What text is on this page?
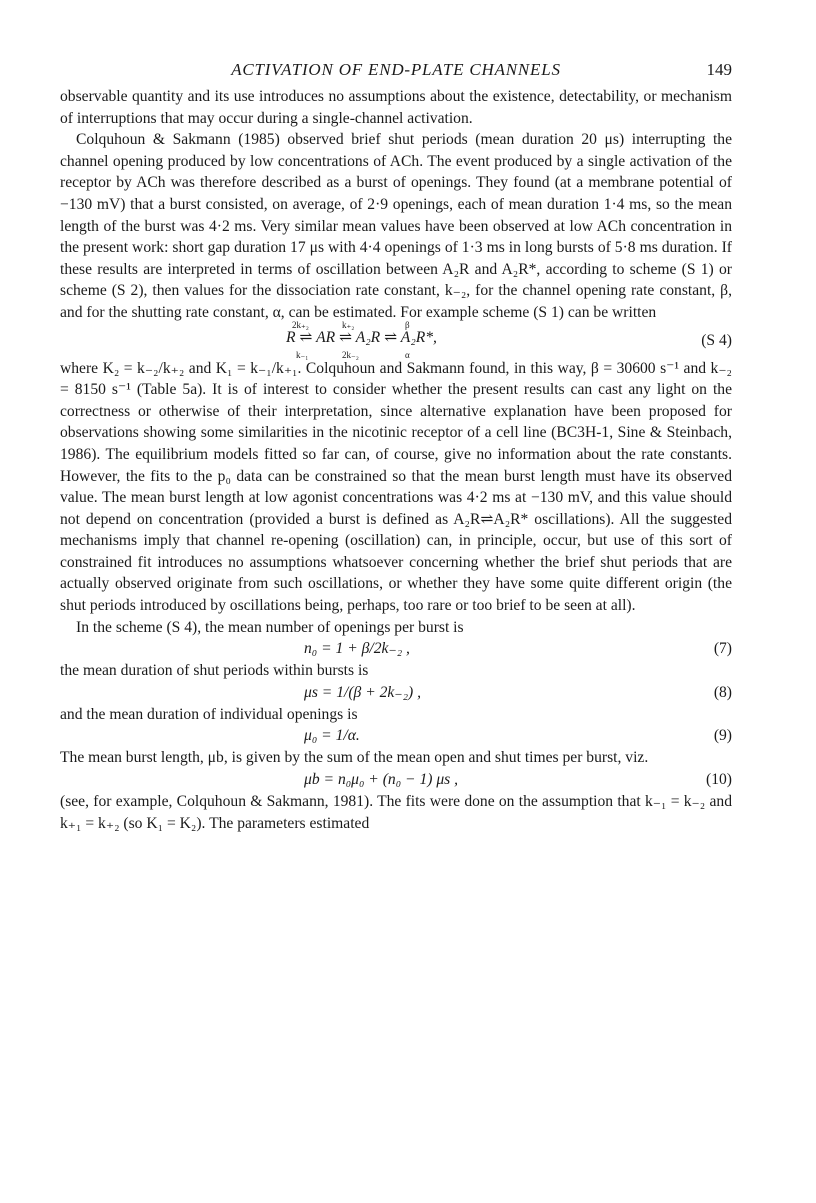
ACTIVATION OF END-PLATE CHANNELS	149

observable quantity and its use introduces no assumptions about the existence, detectability, or mechanism of interruptions that may occur during a single-channel activation.

Colquhoun & Sakmann (1985) observed brief shut periods (mean duration 20 μs) interrupting the channel opening produced by low concentrations of ACh. The event produced by a single activation of the receptor by ACh was therefore described as a burst of openings. They found (at a membrane potential of −130 mV) that a burst consisted, on average, of 2·9 openings, each of mean duration 1·4 ms, so the mean length of the burst was 4·2 ms. Very similar mean values have been observed at low ACh concentration in the present work: short gap duration 17 μs with 4·4 openings of 1·3 ms in long bursts of 5·8 ms duration. If these results are interpreted in terms of oscillation between A₂R and A₂R*, according to scheme (S 1) or scheme (S 2), then values for the dissociation rate constant, k₋₂, for the channel opening rate constant, β, and for the shutting rate constant, α, can be estimated. For example scheme (S 1) can be written

2k₊₂	k₊₂	β
R ⇌ AR ⇌ A₂R ⇌ A₂R*,
k₋₁	2k₋₂	α
(S 4)

where K₂ = k₋₂/k₊₂ and K₁ = k₋₁/k₊₁. Colquhoun and Sakmann found, in this way, β = 30600 s⁻¹ and k₋₂ = 8150 s⁻¹ (Table 5a). It is of interest to consider whether the present results can cast any light on the correctness or otherwise of their interpretation, since alternative explanation have been proposed for observations showing some similarities in the nicotinic receptor of a cell line (BC3H-1, Sine & Steinbach, 1986). The equilibrium models fitted so far can, of course, give no information about the rate constants. However, the fits to the p₀ data can be constrained so that the mean burst length must have its observed value. The mean burst length at low agonist concentrations was 4·2 ms at −130 mV, and this value should not depend on concentration (provided a burst is defined as A₂R⇌A₂R* oscillations). All the suggested mechanisms imply that channel re-opening (oscillation) can, in principle, occur, but use of this sort of constrained fit introduces no assumptions whatsoever concerning whether the brief shut periods that are actually observed originate from such oscillations, or whether they have some quite different origin (the shut periods introduced by oscillations being, perhaps, too rare or too brief to be seen at all).

In the scheme (S 4), the mean number of openings per burst is

n₀ = 1 + β/2k₋₂ ,	(7)

the mean duration of shut periods within bursts is

μs = 1/(β + 2k₋₂) ,	(8)

and the mean duration of individual openings is

μ₀ = 1/α.	(9)

The mean burst length, μb, is given by the sum of the mean open and shut times per burst, viz.

μb = n₀μ₀ + (n₀ − 1) μs ,	(10)

(see, for example, Colquhoun & Sakmann, 1981). The fits were done on the assumption that k₋₁ = k₋₂ and k₊₁ = k₊₂ (so K₁ = K₂). The parameters estimated
